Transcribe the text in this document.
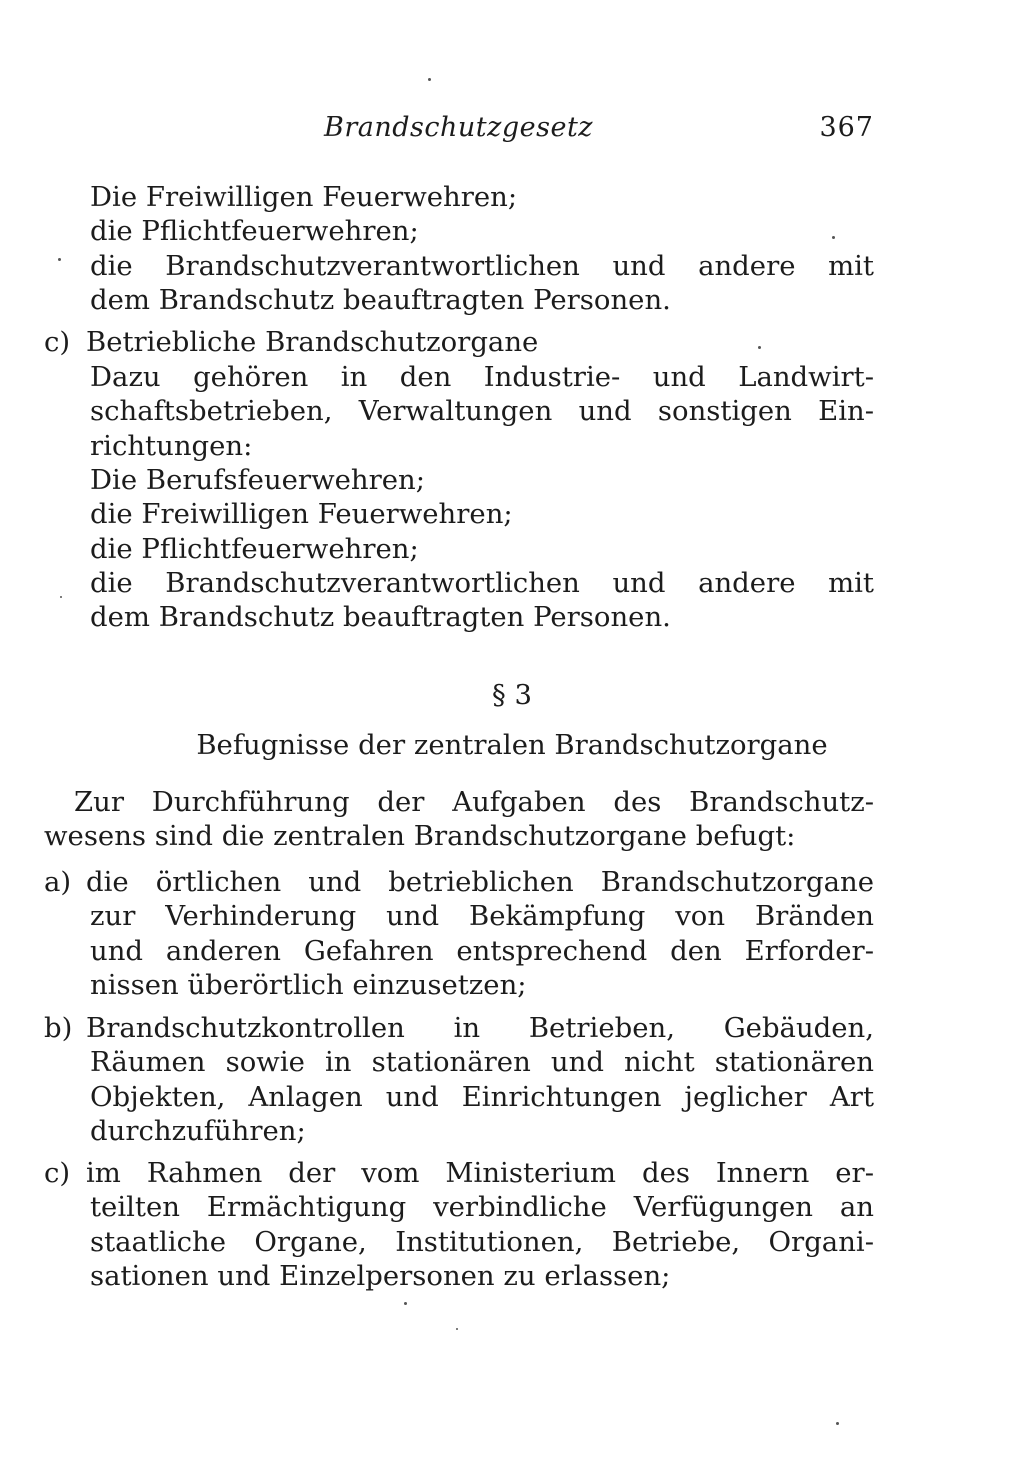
Brandschutzgesetz	367
Die Freiwilligen Feuerwehren;
die Pflichtfeuerwehren;
die Brandschutzverantwortlichen und andere mit
dem Brandschutz beauftragten Personen.
c) Betriebliche Brandschutzorgane
Dazu gehören in den Industrie- und Landwirt-
schaftsbetrieben, Verwaltungen und sonstigen Ein-
richtungen:
Die Berufsfeuerwehren;
die Freiwilligen Feuerwehren;
die Pflichtfeuerwehren;
die Brandschutzverantwortlichen und andere mit
dem Brandschutz beauftragten Personen.
§ 3
Befugnisse der zentralen Brandschutzorgane
Zur Durchführung der Aufgaben des Brandschutz-
wesens sind die zentralen Brandschutzorgane befugt:
a) die örtlichen und betrieblichen Brandschutzorgane
zur Verhinderung und Bekämpfung von Bränden
und anderen Gefahren entsprechend den Erforder-
nissen überörtlich einzusetzen;
b) Brandschutzkontrollen in Betrieben, Gebäuden,
Räumen sowie in stationären und nicht stationären
Objekten, Anlagen und Einrichtungen jeglicher Art
durchzuführen;
c) im Rahmen der vom Ministerium des Innern er-
teilten Ermächtigung verbindliche Verfügungen an
staatliche Organe, Institutionen, Betriebe, Organi-
sationen und Einzelpersonen zu erlassen;
